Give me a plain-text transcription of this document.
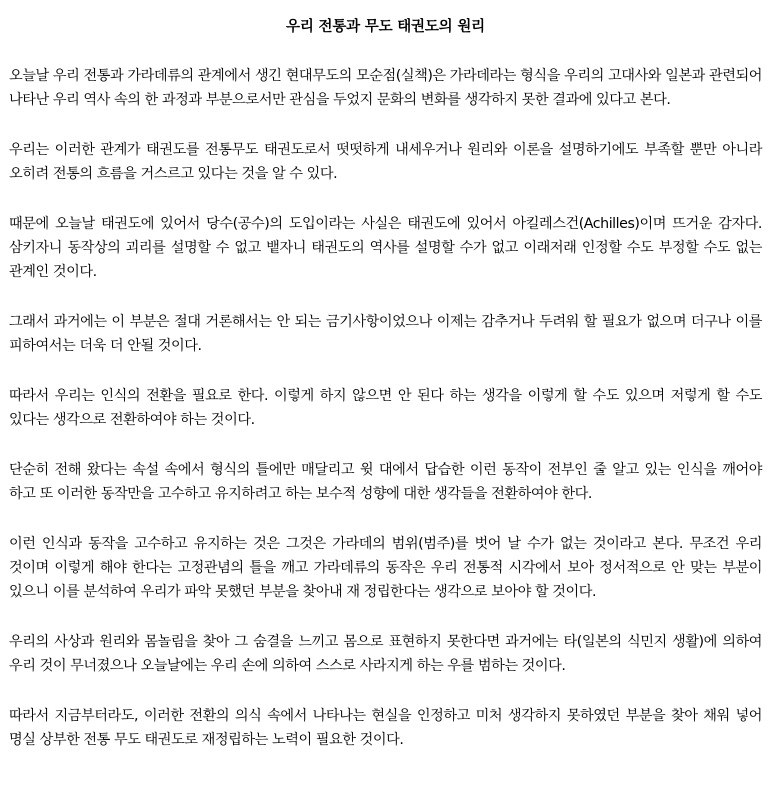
우리 전통과 무도 태권도의 원리

오늘날 우리 전통과 가라데류의 관계에서 생긴 현대무도의 모순점(실책)은 가라데라는 형식을 우리의 고대사와 일본과 관련되어 나타난 우리 역사 속의 한 과정과 부분으로서만 관심을 두었지 문화의 변화를 생각하지 못한 결과에 있다고 본다.

우리는 이러한 관계가 태권도를 전통무도 태권도로서 떳떳하게 내세우거나 원리와 이론을 설명하기에도 부족할 뿐만 아니라 오히려 전통의 흐름을 거스르고 있다는 것을 알 수 있다.

때문에 오늘날 태권도에 있어서 당수(공수)의 도입이라는 사실은 태권도에 있어서 아킬레스건(Achilles)이며 뜨거운 감자다. 삼키자니 동작상의 괴리를 설명할 수 없고 뱉자니 태권도의 역사를 설명할 수가 없고 이래저래 인정할 수도 부정할 수도 없는 관계인 것이다.

그래서 과거에는 이 부분은 절대 거론해서는 안 되는 금기사항이었으나 이제는 감추거나 두려워 할 필요가 없으며 더구나 이를 피하여서는 더욱 더 안될 것이다.

따라서 우리는 인식의 전환을 필요로 한다. 이렇게 하지 않으면 안 된다 하는 생각을 이렇게 할 수도 있으며 저렇게 할 수도 있다는 생각으로 전환하여야 하는 것이다.

단순히 전해 왔다는 속설 속에서 형식의 틀에만 매달리고 윗 대에서 답습한 이런 동작이 전부인 줄 알고 있는 인식을 깨어야 하고 또 이러한 동작만을 고수하고 유지하려고 하는 보수적 성향에 대한 생각들을 전환하여야 한다.

이런 인식과 동작을 고수하고 유지하는 것은 그것은 가라데의 범위(범주)를 벗어 날 수가 없는 것이라고 본다. 무조건 우리 것이며 이렇게 해야 한다는 고정관념의 틀을 깨고 가라데류의 동작은 우리 전통적 시각에서 보아 정서적으로 안 맞는 부분이 있으니 이를 분석하여 우리가 파악 못했던 부분을 찾아내 재 정립한다는 생각으로 보아야 할 것이다.

우리의 사상과 원리와 몸놀림을 찾아 그 숨결을 느끼고 몸으로 표현하지 못한다면 과거에는 타(일본의 식민지 생활)에 의하여 우리 것이 무너졌으나 오늘날에는 우리 손에 의하여 스스로 사라지게 하는 우를 범하는 것이다.

따라서 지금부터라도, 이러한 전환의 의식 속에서 나타나는 현실을 인정하고 미처 생각하지 못하였던 부분을 찾아 채워 넣어 명실 상부한 전통 무도 태권도로 재정립하는 노력이 필요한 것이다.
